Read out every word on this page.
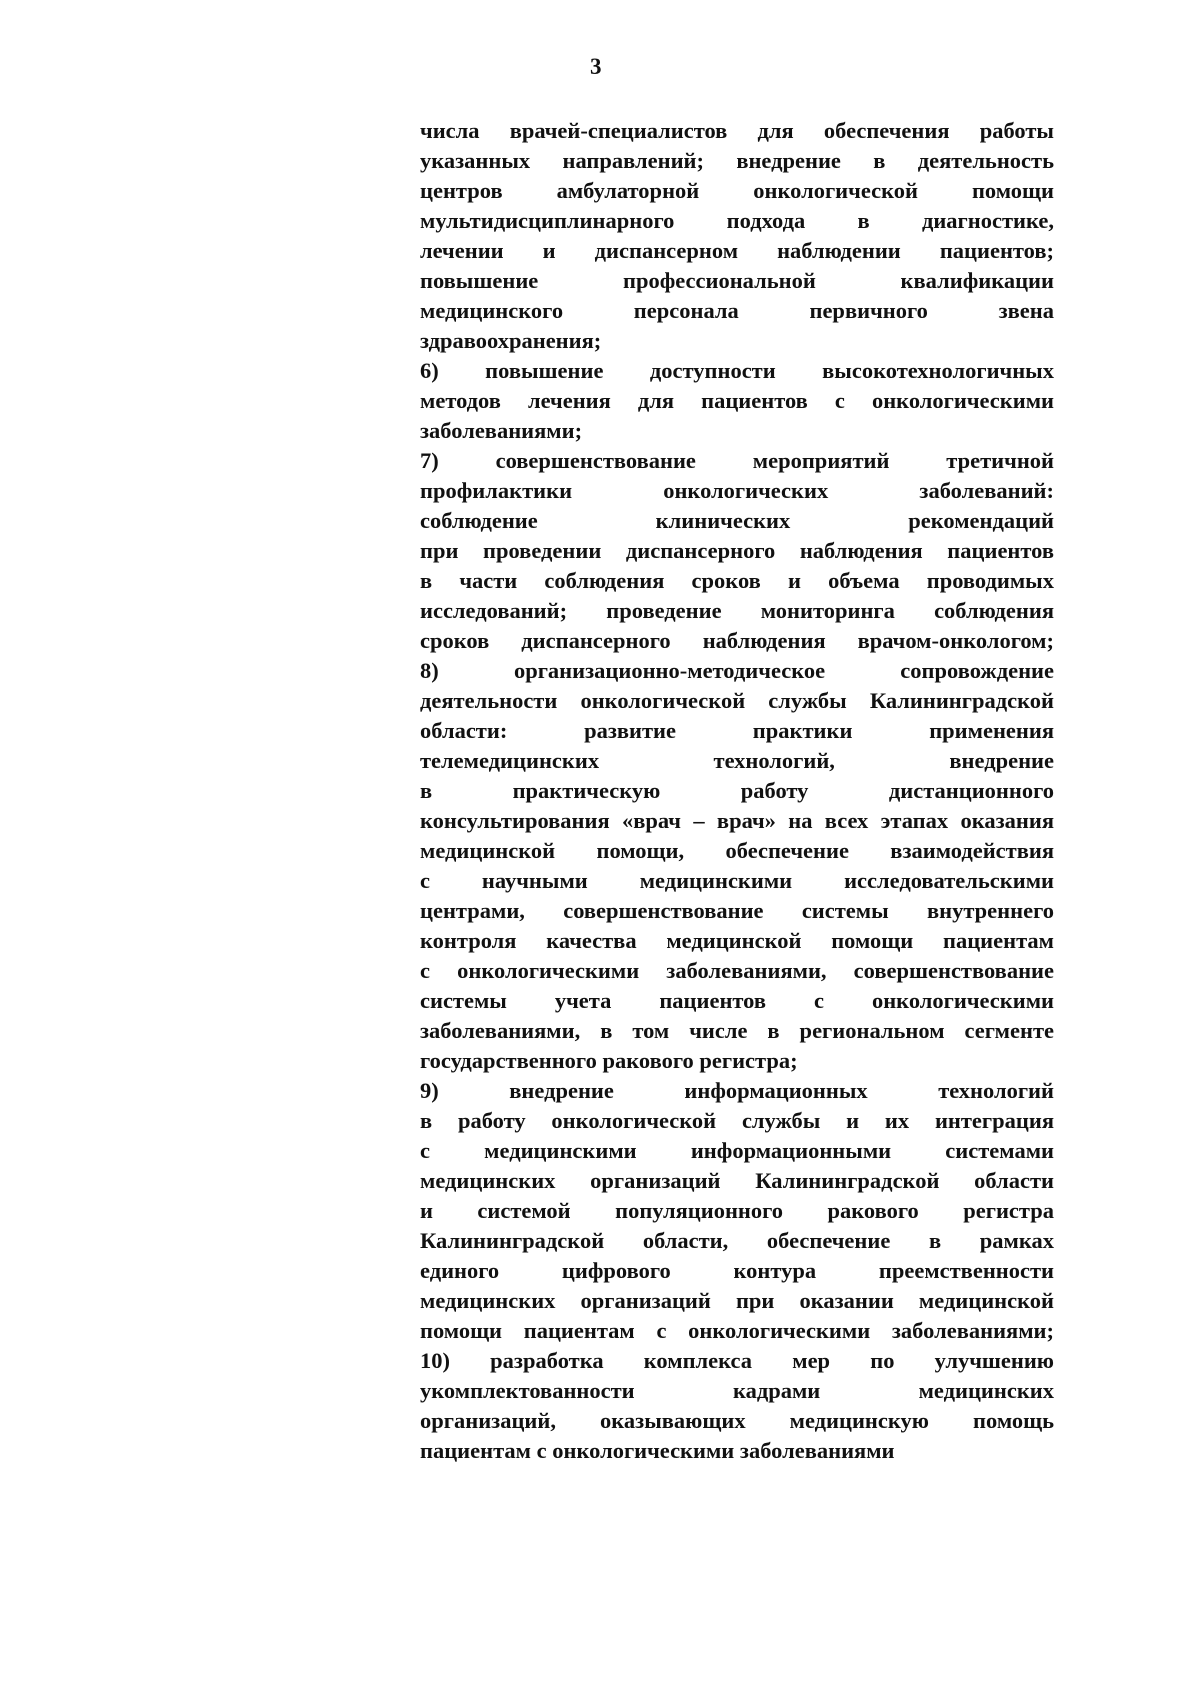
3
числа врачей-специалистов для обеспечения работы
указанных направлений; внедрение в деятельность
центров амбулаторной онкологической помощи
мультидисциплинарного подхода в диагностике,
лечении и диспансерном наблюдении пациентов;
повышение профессиональной квалификации
медицинского персонала первичного звена
здравоохранения;
6) повышение доступности высокотехнологичных
методов лечения для пациентов с онкологическими
заболеваниями;
7) совершенствование мероприятий третичной
профилактики онкологических заболеваний:
соблюдение клинических рекомендаций
при проведении диспансерного наблюдения пациентов
в части соблюдения сроков и объема проводимых
исследований; проведение мониторинга соблюдения
сроков диспансерного наблюдения врачом-онкологом;
8) организационно-методическое сопровождение
деятельности онкологической службы Калининградской
области: развитие практики применения
телемедицинских технологий, внедрение
в практическую работу дистанционного
консультирования «врач – врач» на всех этапах оказания
медицинской помощи, обеспечение взаимодействия
с научными медицинскими исследовательскими
центрами, совершенствование системы внутреннего
контроля качества медицинской помощи пациентам
с онкологическими заболеваниями, совершенствование
системы учета пациентов с онкологическими
заболеваниями, в том числе в региональном сегменте
государственного ракового регистра;
9) внедрение информационных технологий
в работу онкологической службы и их интеграция
с медицинскими информационными системами
медицинских организаций Калининградской области
и системой популяционного ракового регистра
Калининградской области, обеспечение в рамках
единого цифрового контура преемственности
медицинских организаций при оказании медицинской
помощи пациентам с онкологическими заболеваниями;
10) разработка комплекса мер по улучшению
укомплектованности кадрами медицинских
организаций, оказывающих медицинскую помощь
пациентам с онкологическими заболеваниями
